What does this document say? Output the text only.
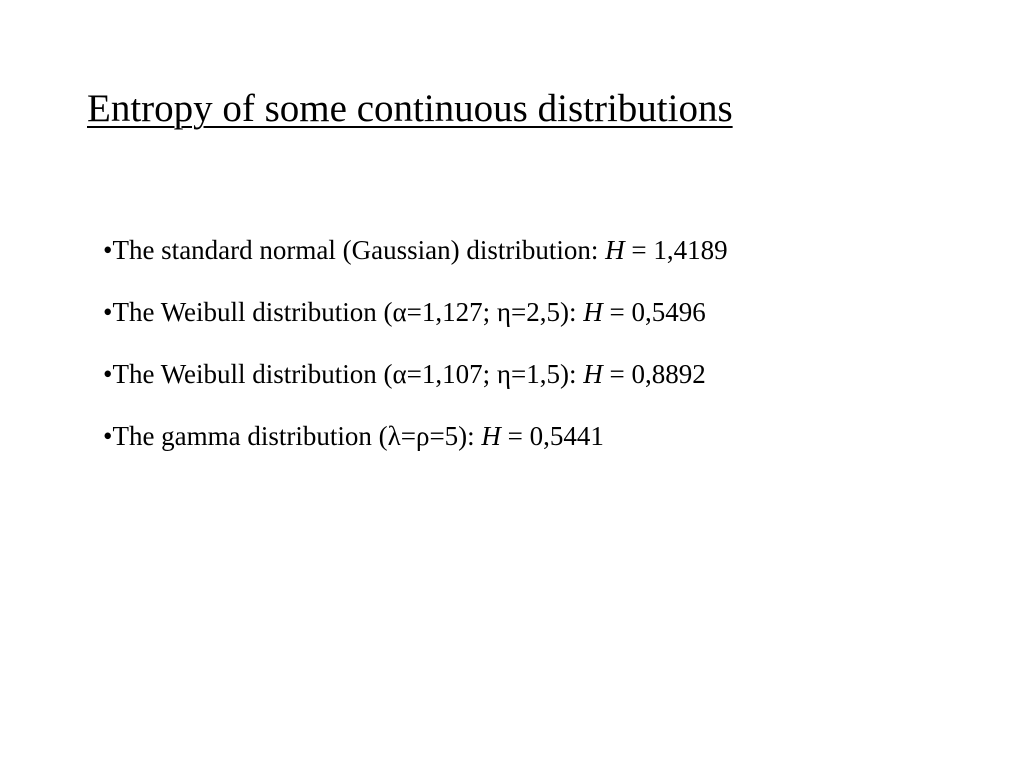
Entropy of some continuous distributions
•The standard normal (Gaussian) distribution: H = 1,4189
•The Weibull distribution (α=1,127; η=2,5): H = 0,5496
•The Weibull distribution (α=1,107; η=1,5): H = 0,8892
•The gamma distribution (λ=ρ=5): H = 0,5441
